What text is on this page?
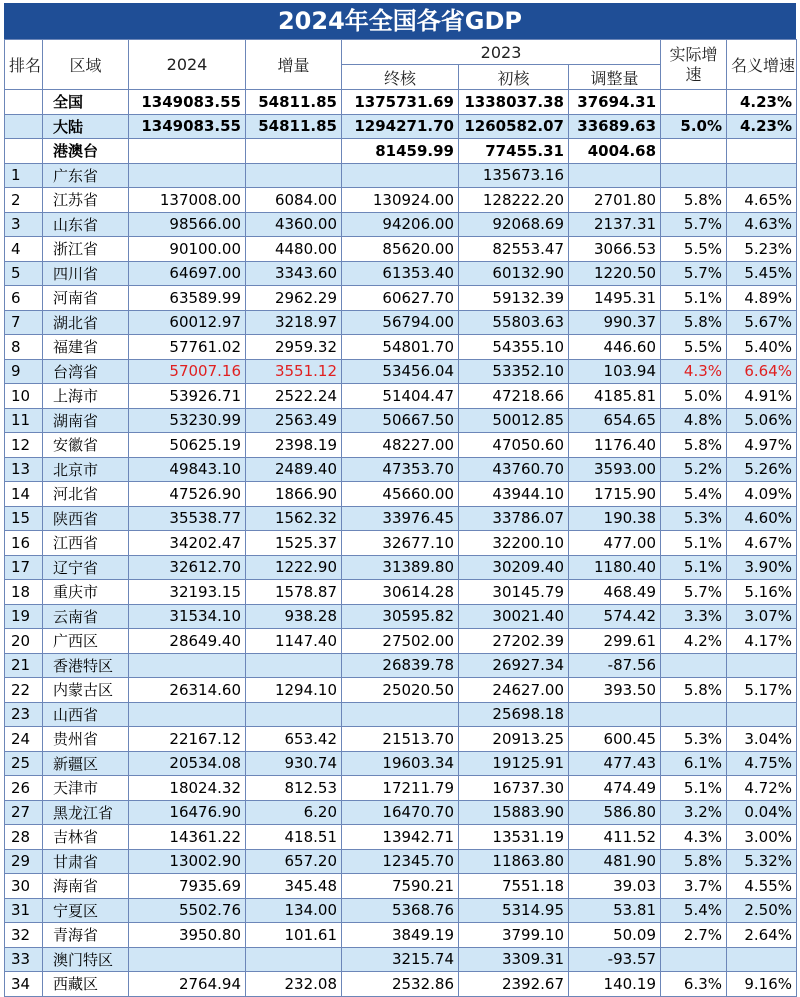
2024年全国各省GDP
排名	区域	2024	增量	2023			实际增速	名义增速
				终核	初核	调整量		
	全国	1349083.55	54811.85	1375731.69	1338037.38	37694.31		4.23%
	大陆	1349083.55	54811.85	1294271.70	1260582.07	33689.63	5.0%	4.23%
	港澳台			81459.99	77455.31	4004.68		
1	广东省				135673.16			
2	江苏省	137008.00	6084.00	130924.00	128222.20	2701.80	5.8%	4.65%
3	山东省	98566.00	4360.00	94206.00	92068.69	2137.31	5.7%	4.63%
4	浙江省	90100.00	4480.00	85620.00	82553.47	3066.53	5.5%	5.23%
5	四川省	64697.00	3343.60	61353.40	60132.90	1220.50	5.7%	5.45%
6	河南省	63589.99	2962.29	60627.70	59132.39	1495.31	5.1%	4.89%
7	湖北省	60012.97	3218.97	56794.00	55803.63	990.37	5.8%	5.67%
8	福建省	57761.02	2959.32	54801.70	54355.10	446.60	5.5%	5.40%
9	台湾省	57007.16	3551.12	53456.04	53352.10	103.94	4.3%	6.64%
10	上海市	53926.71	2522.24	51404.47	47218.66	4185.81	5.0%	4.91%
11	湖南省	53230.99	2563.49	50667.50	50012.85	654.65	4.8%	5.06%
12	安徽省	50625.19	2398.19	48227.00	47050.60	1176.40	5.8%	4.97%
13	北京市	49843.10	2489.40	47353.70	43760.70	3593.00	5.2%	5.26%
14	河北省	47526.90	1866.90	45660.00	43944.10	1715.90	5.4%	4.09%
15	陕西省	35538.77	1562.32	33976.45	33786.07	190.38	5.3%	4.60%
16	江西省	34202.47	1525.37	32677.10	32200.10	477.00	5.1%	4.67%
17	辽宁省	32612.70	1222.90	31389.80	30209.40	1180.40	5.1%	3.90%
18	重庆市	32193.15	1578.87	30614.28	30145.79	468.49	5.7%	5.16%
19	云南省	31534.10	938.28	30595.82	30021.40	574.42	3.3%	3.07%
20	广西区	28649.40	1147.40	27502.00	27202.39	299.61	4.2%	4.17%
21	香港特区			26839.78	26927.34	-87.56		
22	内蒙古区	26314.60	1294.10	25020.50	24627.00	393.50	5.8%	5.17%
23	山西省				25698.18			
24	贵州省	22167.12	653.42	21513.70	20913.25	600.45	5.3%	3.04%
25	新疆区	20534.08	930.74	19603.34	19125.91	477.43	6.1%	4.75%
26	天津市	18024.32	812.53	17211.79	16737.30	474.49	5.1%	4.72%
27	黑龙江省	16476.90	6.20	16470.70	15883.90	586.80	3.2%	0.04%
28	吉林省	14361.22	418.51	13942.71	13531.19	411.52	4.3%	3.00%
29	甘肃省	13002.90	657.20	12345.70	11863.80	481.90	5.8%	5.32%
30	海南省	7935.69	345.48	7590.21	7551.18	39.03	3.7%	4.55%
31	宁夏区	5502.76	134.00	5368.76	5314.95	53.81	5.4%	2.50%
32	青海省	3950.80	101.61	3849.19	3799.10	50.09	2.7%	2.64%
33	澳门特区			3215.74	3309.31	-93.57		
34	西藏区	2764.94	232.08	2532.86	2392.67	140.19	6.3%	9.16%
